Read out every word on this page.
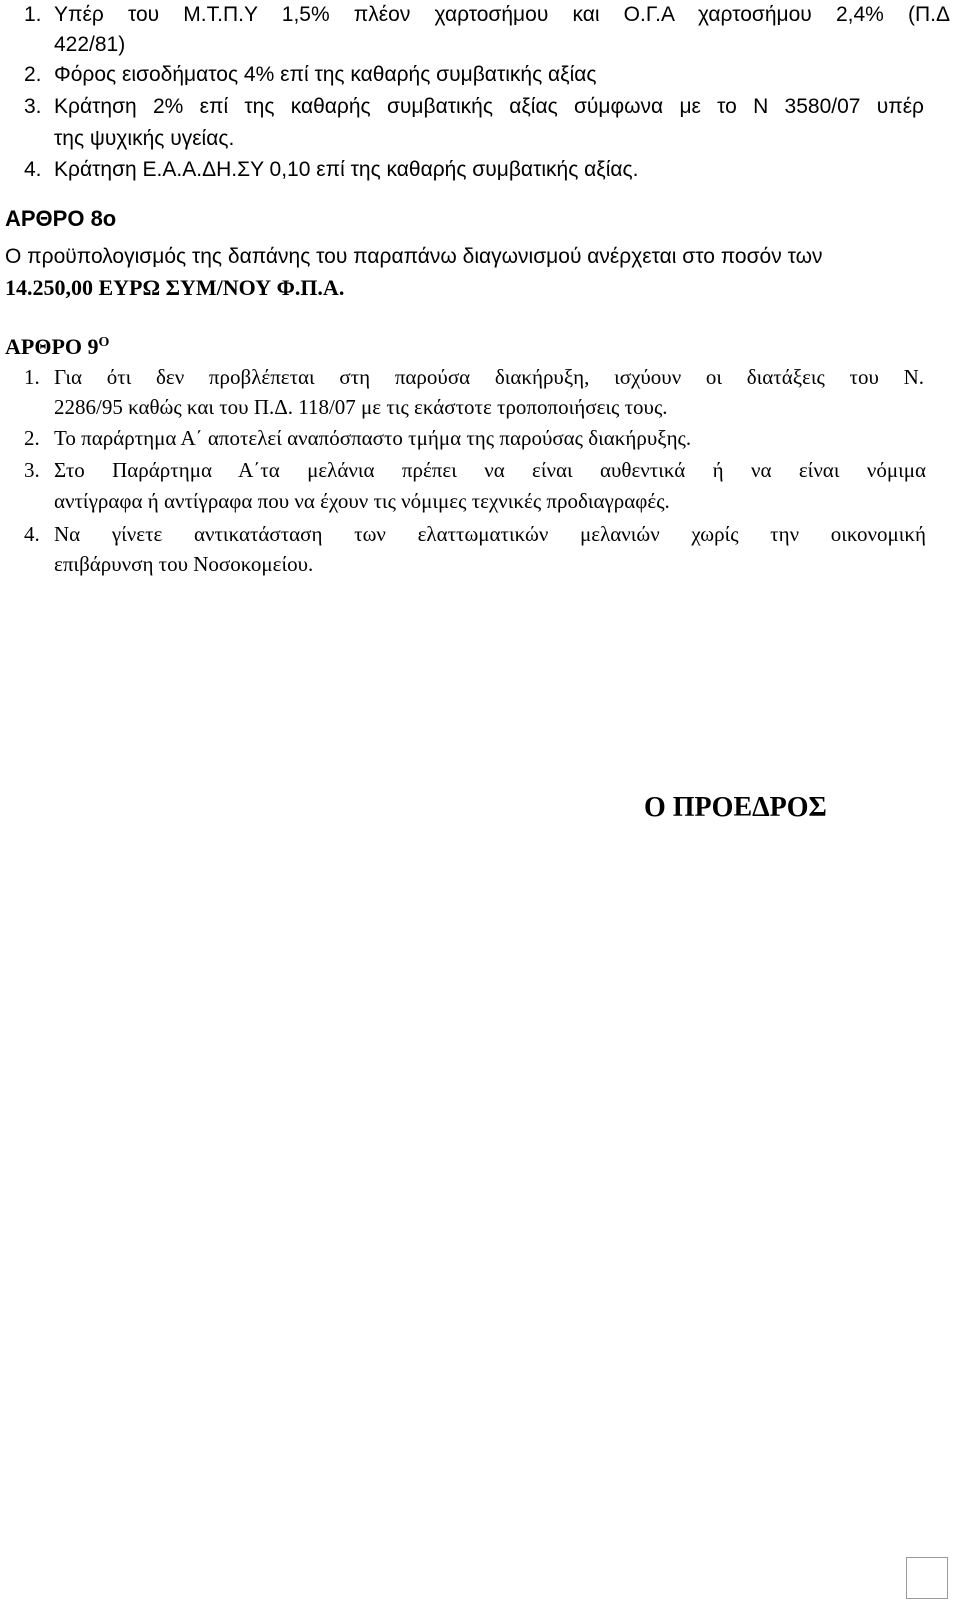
1. Υπέρ του Μ.Τ.Π.Υ 1,5% πλέον χαρτοσήμου και Ο.Γ.Α χαρτοσήμου 2,4% (Π.Δ
422/81)
2. Φόρος εισοδήματος 4% επί της καθαρής συμβατικής αξίας
3. Κράτηση 2% επί της καθαρής συμβατικής αξίας σύμφωνα με το Ν 3580/07 υπέρ
της ψυχικής υγείας.
4. Κράτηση Ε.Α.Α.ΔΗ.ΣΥ 0,10 επί της καθαρής συμβατικής αξίας.
ΑΡΘΡΟ 8ο
Ο προϋπολογισμός της δαπάνης του παραπάνω διαγωνισμού ανέρχεται στο ποσόν των
14.250,00 ΕΥΡΩ ΣΥΜ/ΝΟΥ Φ.Π.Α.
ΑΡΘΡΟ $9^O$
1. Για ότι δεν προβλέπεται στη παρούσα διακήρυξη, ισχύουν οι διατάξεις του Ν.
2286/95 καθώς και του Π.Δ. 118/07 με τις εκάστοτε τροποποιήσεις τους.
2. Το παράρτημα Α΄ αποτελεί αναπόσπαστο τμήμα της παρούσας διακήρυξης.
3. Στο Παράρτημα Α΄τα μελάνια πρέπει να είναι αυθεντικά ή να είναι νόμιμα
αντίγραφα ή αντίγραφα που να έχουν τις νόμιμες τεχνικές προδιαγραφές.
4. Να γίνετε αντικατάσταση των ελαττωματικών μελανιών χωρίς την οικονομική
επιβάρυνση του Νοσοκομείου.
Ο ΠΡΟΕΔΡΟΣ
